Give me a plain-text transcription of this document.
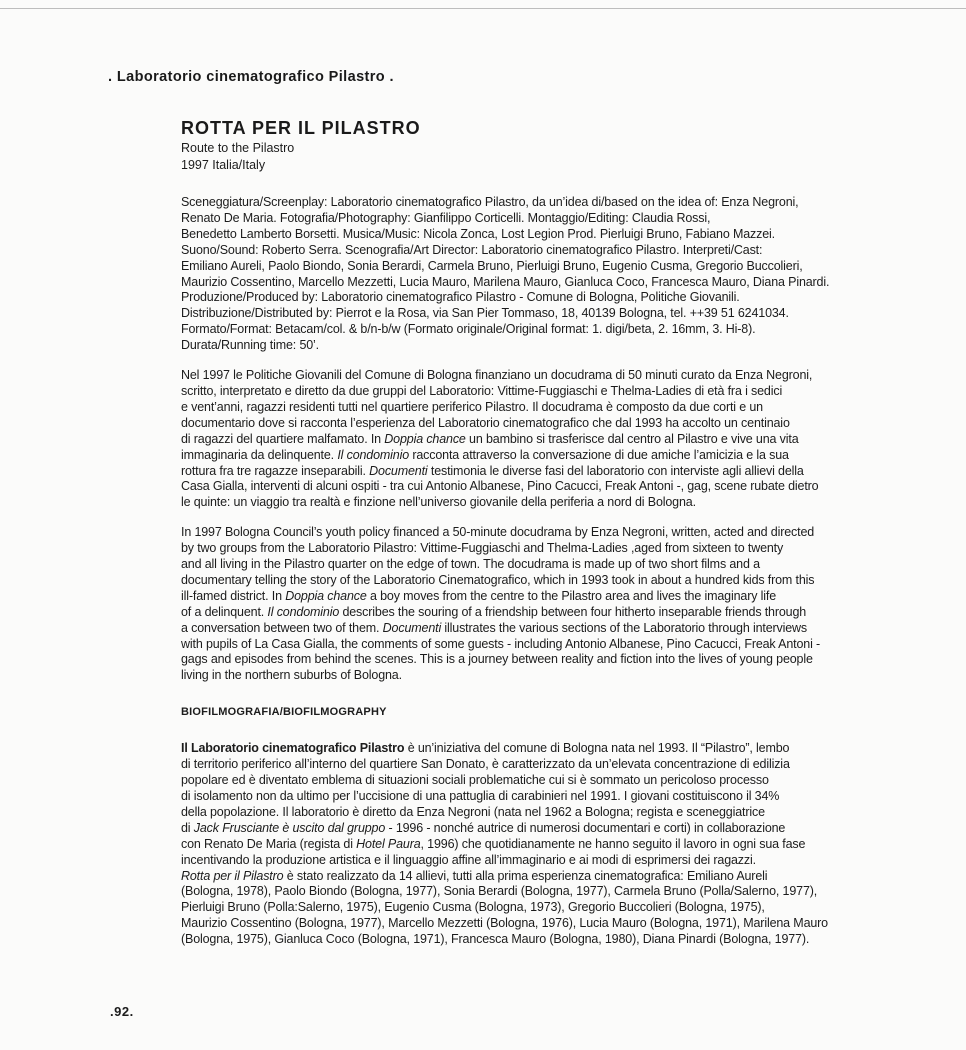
. Laboratorio cinematografico Pilastro .
ROTTA PER IL PILASTRO

Route to the Pilastro

1997 Italia/Italy

Sceneggiatura/Screenplay: Laboratorio cinematografico Pilastro, da un’idea di/based on the idea of: Enza Negroni,
Renato De Maria. Fotografia/Photography: Gianfilippo Corticelli. Montaggio/Editing: Claudia Rossi,
Benedetto Lamberto Borsetti. Musica/Music: Nicola Zonca, Lost Legion Prod. Pierluigi Bruno, Fabiano Mazzei.
Suono/Sound: Roberto Serra. Scenografia/Art Director: Laboratorio cinematografico Pilastro. Interpreti/Cast:
Emiliano Aureli, Paolo Biondo, Sonia Berardi, Carmela Bruno, Pierluigi Bruno, Eugenio Cusma, Gregorio Buccolieri,
Maurizio Cossentino, Marcello Mezzetti, Lucia Mauro, Marilena Mauro, Gianluca Coco, Francesca Mauro, Diana Pinardi.
Produzione/Produced by: Laboratorio cinematografico Pilastro - Comune di Bologna, Politiche Giovanili.
Distribuzione/Distributed by: Pierrot e la Rosa, via San Pier Tommaso, 18, 40139 Bologna, tel. ++39 51 6241034.
Formato/Format: Betacam/col. & b/n-b/w (Formato originale/Original format: 1. digi/beta, 2. 16mm, 3. Hi-8).
Durata/Running time: 50’.

Nel 1997 le Politiche Giovanili del Comune di Bologna finanziano un docudrama di 50 minuti curato da Enza Negroni,
scritto, interpretato e diretto da due gruppi del Laboratorio: Vittime-Fuggiaschi e Thelma-Ladies di età fra i sedici
e vent’anni, ragazzi residenti tutti nel quartiere periferico Pilastro. Il docudrama è composto da due corti e un
documentario dove si racconta l’esperienza del Laboratorio cinematografico che dal 1993 ha accolto un centinaio
di ragazzi del quartiere malfamato. In Doppia chance un bambino si trasferisce dal centro al Pilastro e vive una vita
immaginaria da delinquente. Il condominio racconta attraverso la conversazione di due amiche l’amicizia e la sua
rottura fra tre ragazze inseparabili. Documenti testimonia le diverse fasi del laboratorio con interviste agli allievi della
Casa Gialla, interventi di alcuni ospiti - tra cui Antonio Albanese, Pino Cacucci, Freak Antoni -, gag, scene rubate dietro
le quinte: un viaggio tra realtà e finzione nell’universo giovanile della periferia a nord di Bologna.

In 1997 Bologna Council’s youth policy financed a 50-minute docudrama by Enza Negroni, written, acted and directed
by two groups from the Laboratorio Pilastro: Vittime-Fuggiaschi and Thelma-Ladies ,aged from sixteen to twenty
and all living in the Pilastro quarter on the edge of town. The docudrama is made up of two short films and a
documentary telling the story of the Laboratorio Cinematografico, which in 1993 took in about a hundred kids from this
ill-famed district. In Doppia chance a boy moves from the centre to the Pilastro area and lives the imaginary life
of a delinquent. Il condominio describes the souring of a friendship between four hitherto inseparable friends through
a conversation between two of them. Documenti illustrates the various sections of the Laboratorio through interviews
with pupils of La Casa Gialla, the comments of some guests - including Antonio Albanese, Pino Cacucci, Freak Antoni -
gags and episodes from behind the scenes. This is a journey between reality and fiction into the lives of young people
living in the northern suburbs of Bologna.

BIOFILMOGRAFIA/BIOFILMOGRAPHY

Il Laboratorio cinematografico Pilastro è un’iniziativa del comune di Bologna nata nel 1993. Il “Pilastro”, lembo
di territorio periferico all’interno del quartiere San Donato, è caratterizzato da un’elevata concentrazione di edilizia
popolare ed è diventato emblema di situazioni sociali problematiche cui si è sommato un pericoloso processo
di isolamento non da ultimo per l’uccisione di una pattuglia di carabinieri nel 1991. I giovani costituiscono il 34%
della popolazione. Il laboratorio è diretto da Enza Negroni (nata nel 1962 a Bologna; regista e sceneggiatrice
di Jack Frusciante è uscito dal gruppo - 1996 - nonché autrice di numerosi documentari e corti) in collaborazione
con Renato De Maria (regista di Hotel Paura, 1996) che quotidianamente ne hanno seguito il lavoro in ogni sua fase
incentivando la produzione artistica e il linguaggio affine all’immaginario e ai modi di esprimersi dei ragazzi.
Rotta per il Pilastro è stato realizzato da 14 allievi, tutti alla prima esperienza cinematografica: Emiliano Aureli
(Bologna, 1978), Paolo Biondo (Bologna, 1977), Sonia Berardi (Bologna, 1977), Carmela Bruno (Polla/Salerno, 1977),
Pierluigi Bruno (Polla:Salerno, 1975), Eugenio Cusma (Bologna, 1973), Gregorio Buccolieri (Bologna, 1975),
Maurizio Cossentino (Bologna, 1977), Marcello Mezzetti (Bologna, 1976), Lucia Mauro (Bologna, 1971), Marilena Mauro
(Bologna, 1975), Gianluca Coco (Bologna, 1971), Francesca Mauro (Bologna, 1980), Diana Pinardi (Bologna, 1977).

.92.
